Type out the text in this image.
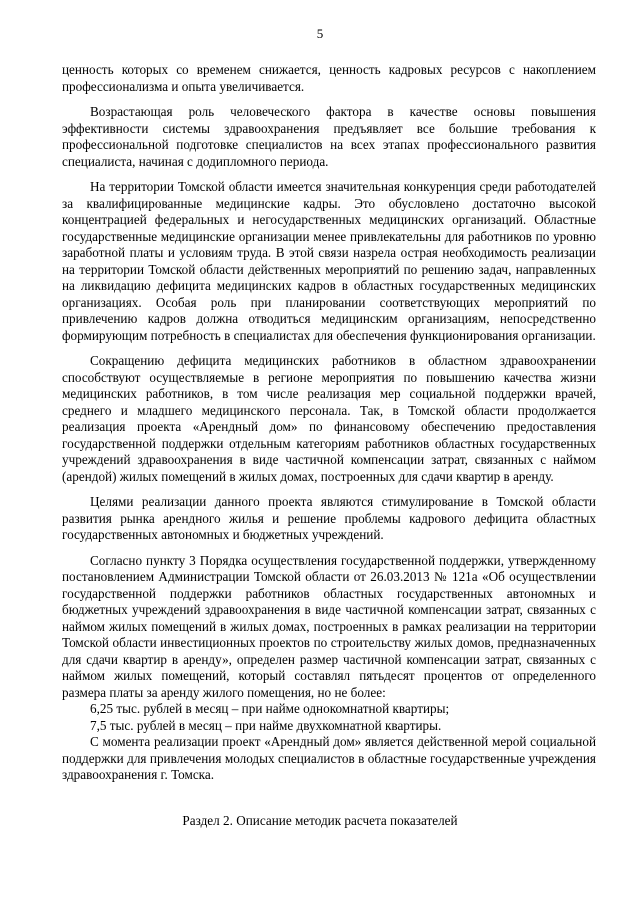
5

ценность которых со временем снижается, ценность кадровых ресурсов с накоплением профессионализма и опыта увеличивается.

Возрастающая роль человеческого фактора в качестве основы повышения эффективности системы здравоохранения предъявляет все большие требования к профессиональной подготовке специалистов на всех этапах профессионального развития специалиста, начиная с додипломного периода.

На территории Томской области имеется значительная конкуренция среди работодателей за квалифицированные медицинские кадры. Это обусловлено достаточно высокой концентрацией федеральных и негосударственных медицинских организаций. Областные государственные медицинские организации менее привлекательны для работников по уровню заработной платы и условиям труда. В этой связи назрела острая необходимость реализации на территории Томской области действенных мероприятий по решению задач, направленных на ликвидацию дефицита медицинских кадров в областных государственных медицинских организациях. Особая роль при планировании соответствующих мероприятий по привлечению кадров должна отводиться медицинским организациям, непосредственно формирующим потребность в специалистах для обеспечения функционирования организации.

Сокращению дефицита медицинских работников в областном здравоохранении способствуют осуществляемые в регионе мероприятия по повышению качества жизни медицинских работников, в том числе реализация мер социальной поддержки врачей, среднего и младшего медицинского персонала. Так, в Томской области продолжается реализация проекта «Арендный дом» по финансовому обеспечению предоставления государственной поддержки отдельным категориям работников областных государственных учреждений здравоохранения в виде частичной компенсации затрат, связанных с наймом (арендой) жилых помещений в жилых домах, построенных для сдачи квартир в аренду.

Целями реализации данного проекта являются стимулирование в Томской области развития рынка арендного жилья и решение проблемы кадрового дефицита областных государственных автономных и бюджетных учреждений.

Согласно пункту 3 Порядка осуществления государственной поддержки, утвержденному постановлением Администрации Томской области от 26.03.2013 № 121а «Об осуществлении государственной поддержки работников областных государственных автономных и бюджетных учреждений здравоохранения в виде частичной компенсации затрат, связанных с наймом жилых помещений в жилых домах, построенных в рамках реализации на территории Томской области инвестиционных проектов по строительству жилых домов, предназначенных для сдачи квартир в аренду», определен размер частичной компенсации затрат, связанных с наймом жилых помещений, который составлял пятьдесят процентов от определенного размера платы за аренду жилого помещения, но не более:

6,25 тыс. рублей в месяц – при найме однокомнатной квартиры;

7,5 тыс. рублей в месяц – при найме двухкомнатной квартиры.

С момента реализации проект «Арендный дом» является действенной мерой социальной поддержки для привлечения молодых специалистов в областные государственные учреждения здравоохранения г. Томска.

Раздел 2. Описание методик расчета показателей
